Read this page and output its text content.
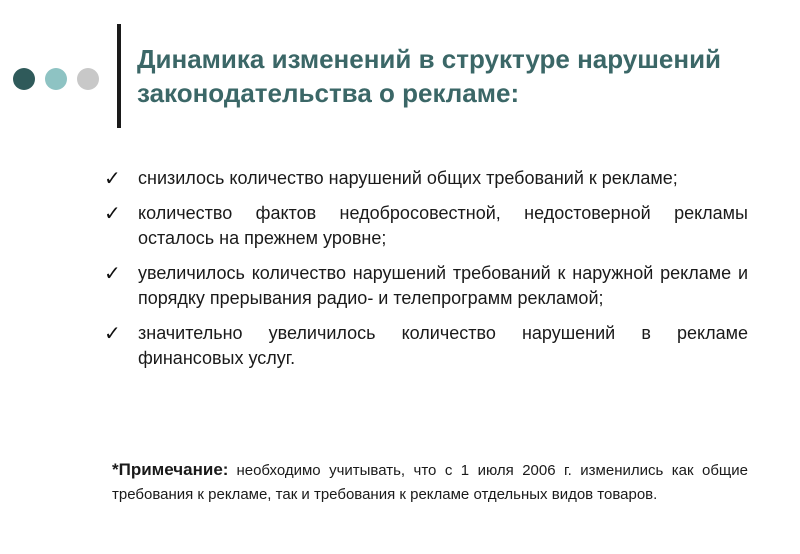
Динамика изменений в структуре нарушений законодательства о рекламе:
✓ снизилось количество нарушений общих требований к рекламе;
✓ количество фактов недобросовестной, недостоверной рекламы осталось на прежнем уровне;
✓ увеличилось количество нарушений требований к наружной рекламе и порядку прерывания радио- и телепрограмм рекламой;
✓ значительно увеличилось количество нарушений в рекламе финансовых услуг.

*Примечание: необходимо учитывать, что с 1 июля 2006 г. изменились как общие требования к рекламе, так и требования к рекламе отдельных видов товаров.
